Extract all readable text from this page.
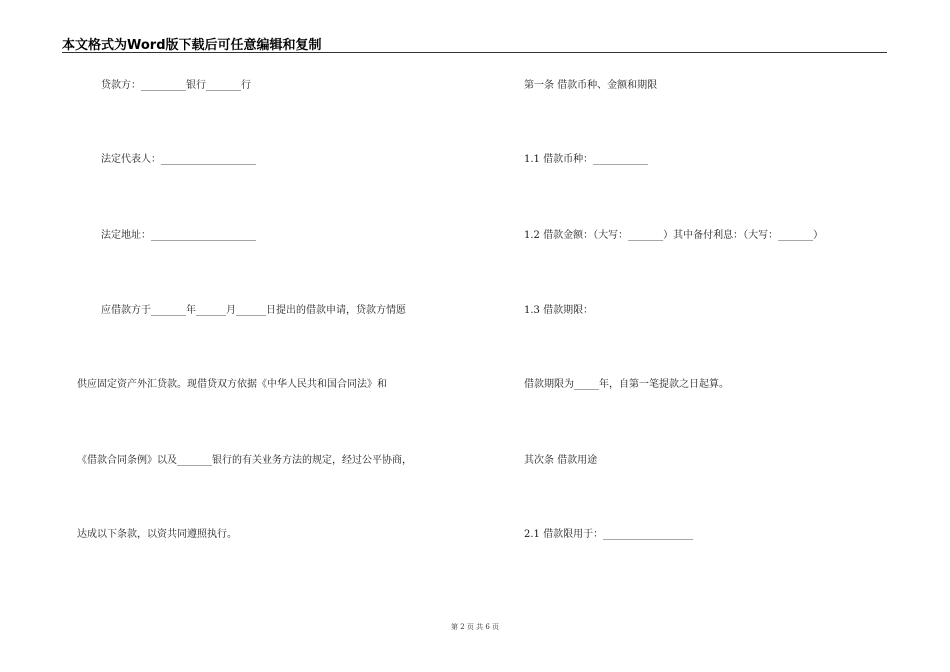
本文格式为Word版下载后可任意编辑和复制
贷款方：_________银行_______行
法定代表人：___________________
法定地址：_____________________
应借款方于_______年______月______日提出的借款申请，贷款方情愿
供应固定资产外汇贷款。现借贷双方依据《中华人民共和国合同法》和
《借款合同条例》以及_______银行的有关业务方法的规定，经过公平协商，
达成以下条款，以资共同遵照执行。
第一条 借款币种、金额和期限
1.1 借款币种：___________
1.2 借款金额：（大写：_______）其中备付利息：（大写：_______）
1.3 借款期限：
借款期限为_____年，自第一笔提款之日起算。
其次条 借款用途
2.1 借款限用于：__________________
第 2 页 共 6 页
